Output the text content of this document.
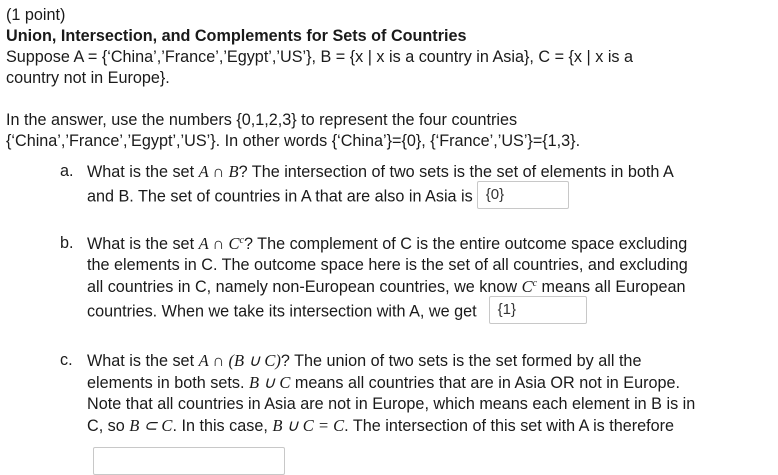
(1 point)
Union, Intersection, and Complements for Sets of Countries
Suppose A = {‘China’,’France’,’Egypt’,’US’}, B = {x | x is a country in Asia}, C = {x | x is a
country not in Europe}.
In the answer, use the numbers {0,1,2,3} to represent the four countries
{‘China’,’France’,’Egypt’,’US’}. In other words {‘China’}={0}, {‘France’,’US’}={1,3}.
a. What is the set A ∩ B? The intersection of two sets is the set of elements in both A
and B. The set of countries in A that are also in Asia is {0}
b. What is the set A ∩ $C^c$? The complement of C is the entire outcome space excluding
the elements in C. The outcome space here is the set of all countries, and excluding
all countries in C, namely non-European countries, we know $C^c$ means all European
countries. When we take its intersection with A, we get {1}
c. What is the set A ∩ (B ∪ C)? The union of two sets is the set formed by all the
elements in both sets. B ∪ C means all countries that are in Asia OR not in Europe.
Note that all countries in Asia are not in Europe, which means each element in B is in
C, so B ⊂ C. In this case, B ∪ C = C. The intersection of this set with A is therefore
